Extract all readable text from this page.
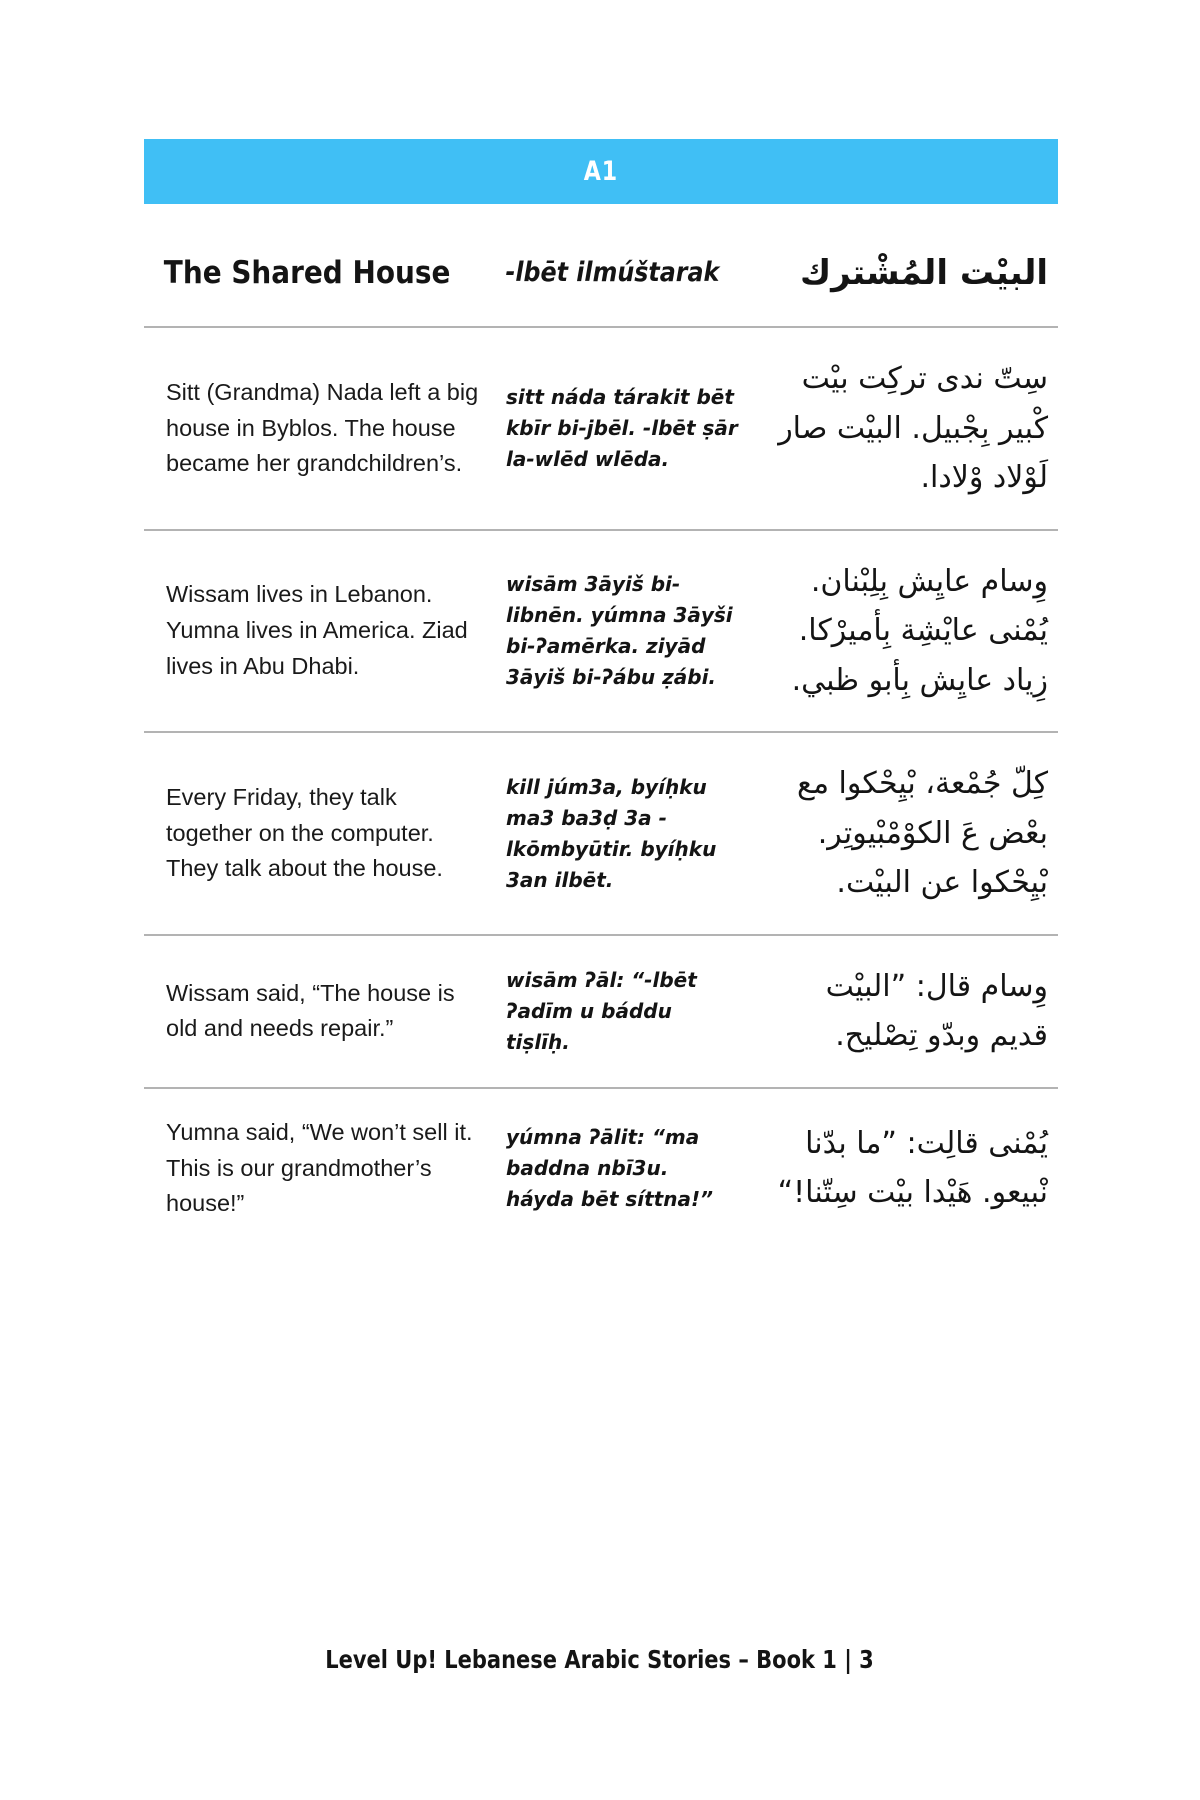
A1
The Shared House	-lbēt ilmúštarak	البيت المشترك

Sitt (Grandma) Nada left a big house in Byblos. The house became her grandchildren’s.	sitt náda tárakit bēt kbīr bi-jbēl. -lbēt ṣār la-wlēd wlēda.	ست ندى تركت بيت كبير بجبيل. البيت صار لولاد ولادا.

Wissam lives in Lebanon. Yumna lives in America. Ziad lives in Abu Dhabi.	wisām 3āyiš bi-libnēn. yúmna 3āyši bi-ʔamērka. ziyād 3āyiš bi-ʔábu ẓábi.	وسام عايش بلبنان. يمنى عايشة بأميركا. زياد عايش بأبو ظبي.

Every Friday, they talk together on the computer. They talk about the house.	kill júm3a, byíḥku ma3 ba3ḍ 3a -lkōmbyūtir. byíḥku 3an ilbēt.	كل جمعة، بيحكوا مع بعض ع الكومبيوتر. بيحكوا عن البيت.

Wissam said, “The house is old and needs repair.”	wisām ʔāl: “-lbēt ʔadīm u báddu tiṣlīḥ.	وسام قال: ”البيت قديم وبدو تصليح.

Yumna said, “We won’t sell it. This is our grandmother’s house!”	yúmna ʔālit: “ma baddna nbī3u. háyda bēt síttna!”	يمنى قالت: ”ما بدنا نبيعو. هيدا بيت ستنا!“
Level Up! Lebanese Arabic Stories – Book 1 | 3
